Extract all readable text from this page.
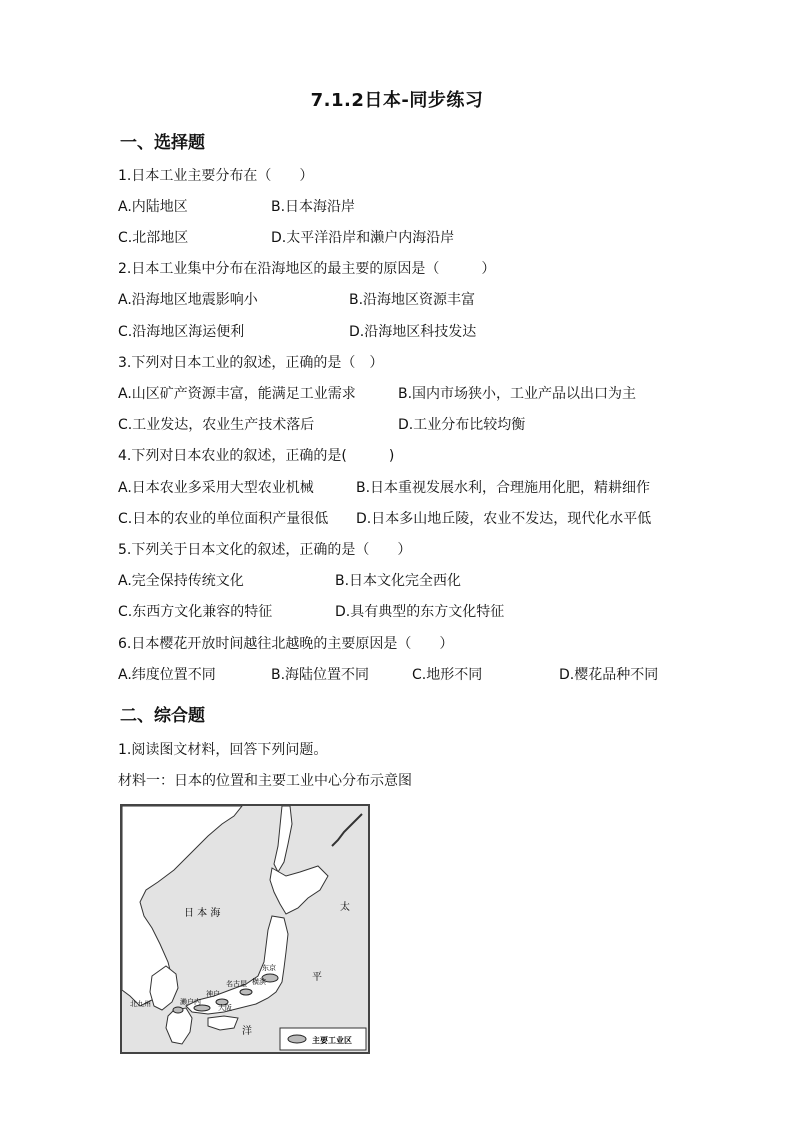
7.1.2日本-同步练习
一、选择题
1.日本工业主要分布在（　　）
A.内陆地区	B.日本海沿岸
C.北部地区	D.太平洋沿岸和濑户内海沿岸
2.日本工业集中分布在沿海地区的最主要的原因是（　　　）
A.沿海地区地震影响小	B.沿海地区资源丰富
C.沿海地区海运便利	D.沿海地区科技发达
3.下列对日本工业的叙述，正确的是（　）
A.山区矿产资源丰富，能满足工业需求	B.国内市场狭小，工业产品以出口为主
C.工业发达，农业生产技术落后	D.工业分布比较均衡
4.下列对日本农业的叙述，正确的是(　　　)
A.日本农业多采用大型农业机械	B.日本重视发展水利，合理施用化肥，精耕细作
C.日本的农业的单位面积产量很低 D.日本多山地丘陵，农业不发达，现代化水平低
5.下列关于日本文化的叙述，正确的是（　　）
A.完全保持传统文化	B.日本文化完全西化
C.东西方文化兼容的特征	D.具有典型的东方文化特征
6.日本樱花开放时间越往北越晚的主要原因是（　　）
A.纬度位置不同	B.海陆位置不同	C.地形不同	D.樱花品种不同
二、综合题
1.阅读图文材料，回答下列问题。
材料一：日本的位置和主要工业中心分布示意图
日 本 海
太
平
洋
北九州	濑户内
神户
大阪
名古屋 横滨
东京
主要工业区
